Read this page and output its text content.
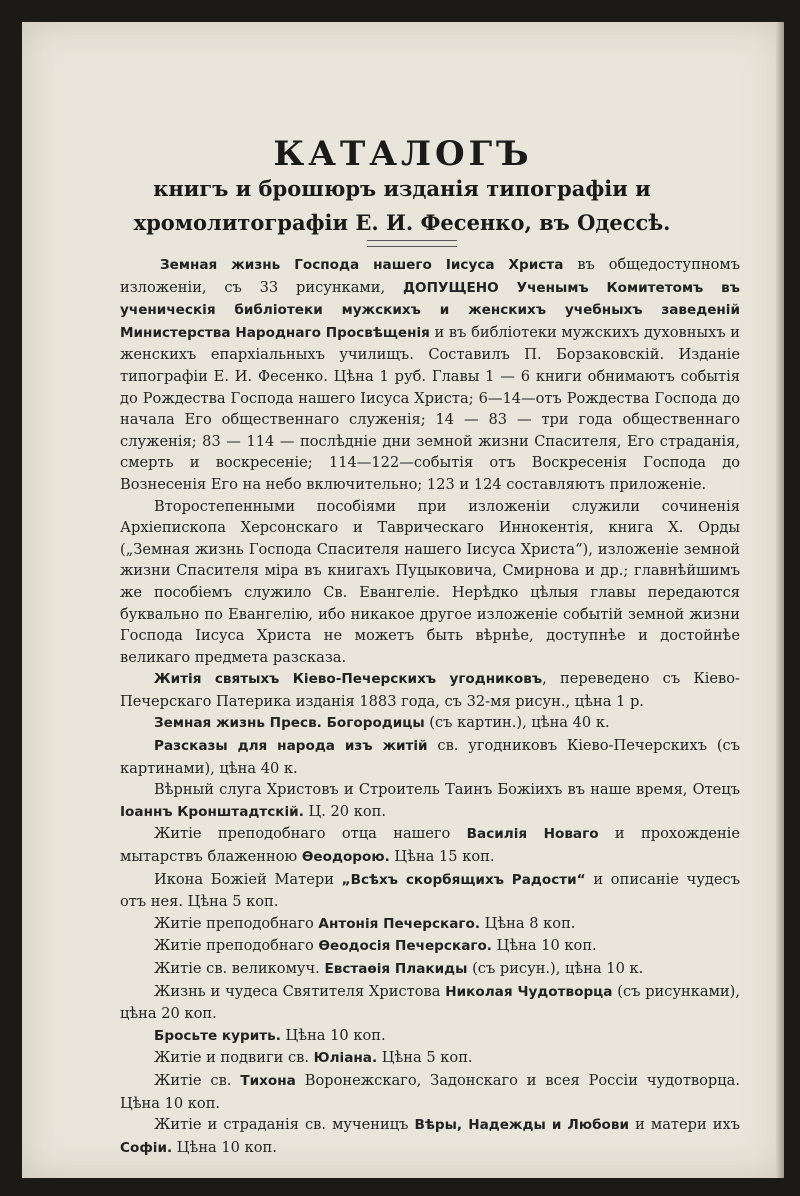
КАТАЛОГЪ
книгъ и брошюръ изданія типографіи и хромолитографіи Е. И. Фесенко, въ Одессѣ.

Земная жизнь Господа нашего Іисуса Христа въ общедоступномъ изложеніи, съ 33 рисунками, ДОПУЩЕНО Ученымъ Комитетомъ въ ученическія библіотеки мужскихъ и женскихъ учебныхъ заведеній Министерства Народнаго Просвѣщенія и въ библіотеки мужскихъ духовныхъ и женскихъ епархіальныхъ училищъ. Составилъ П. Борзаковскій. Изданіе типографіи Е. И. Фесенко. Цѣна 1 руб. Главы 1 — 6 книги обнимаютъ событія до Рождества Господа нашего Іисуса Христа; 6—14—отъ Рождества Господа до начала Его общественнаго служенія; 14 — 83 — три года общественнаго служенія; 83 — 114 — послѣдніе дни земной жизни Спасителя, Его страданія, смерть и воскресеніе; 114—122—событія отъ Воскресенія Господа до Вознесенія Его на небо включительно; 123 и 124 составляютъ приложеніе.

Второстепенными пособіями при изложеніи служили сочиненія Архіепископа Херсонскаго и Таврическаго Иннокентія, книга Х. Орды („Земная жизнь Господа Спасителя нашего Іисуса Христа“), изложеніе земной жизни Спасителя міра въ книгахъ Пуцыковича, Смирнова и др.; главнѣйшимъ же пособіемъ служило Св. Евангеліе. Нерѣдко цѣлыя главы передаются буквально по Евангелію, ибо никакое другое изложеніе событій земной жизни Господа Іисуса Христа не можетъ быть вѣрнѣе, доступнѣе и достойнѣе великаго предмета разсказа.

Житія святыхъ Кіево-Печерскихъ угодниковъ, переведено съ Кіево-Печерскаго Патерика изданія 1883 года, съ 32-мя рисун., цѣна 1 р.

Земная жизнь Пресв. Богородицы (съ картин.), цѣна 40 к.

Разсказы для народа изъ житій св. угодниковъ Кіево-Печерскихъ (съ картинами), цѣна 40 к.

Вѣрный слуга Христовъ и Строитель Таинъ Божіихъ въ наше время, Отецъ Іоаннъ Кронштадтскій. Ц. 20 коп.

Житіе преподобнаго отца нашего Василія Новаго и прохожденіе мытарствъ блаженною Ѳеодорою. Цѣна 15 коп.

Икона Божіей Матери „Всѣхъ скорбящихъ Радости“ и описаніе чудесъ отъ нея. Цѣна 5 коп.

Житіе преподобнаго Антонія Печерскаго. Цѣна 8 коп.

Житіе преподобнаго Ѳеодосія Печерскаго. Цѣна 10 коп.

Житіе св. великомуч. Евстаѳія Плакиды (съ рисун.), цѣна 10 к.

Жизнь и чудеса Святителя Христова Николая Чудотворца (съ рисунками), цѣна 20 коп.

Бросьте курить. Цѣна 10 коп.

Житіе и подвиги св. Юліана. Цѣна 5 коп.

Житіе св. Тихона Воронежскаго, Задонскаго и всея Россіи чудотворца. Цѣна 10 коп.

Житіе и страданія св. мученицъ Вѣры, Надежды и Любови и матери ихъ Софіи. Цѣна 10 коп.
